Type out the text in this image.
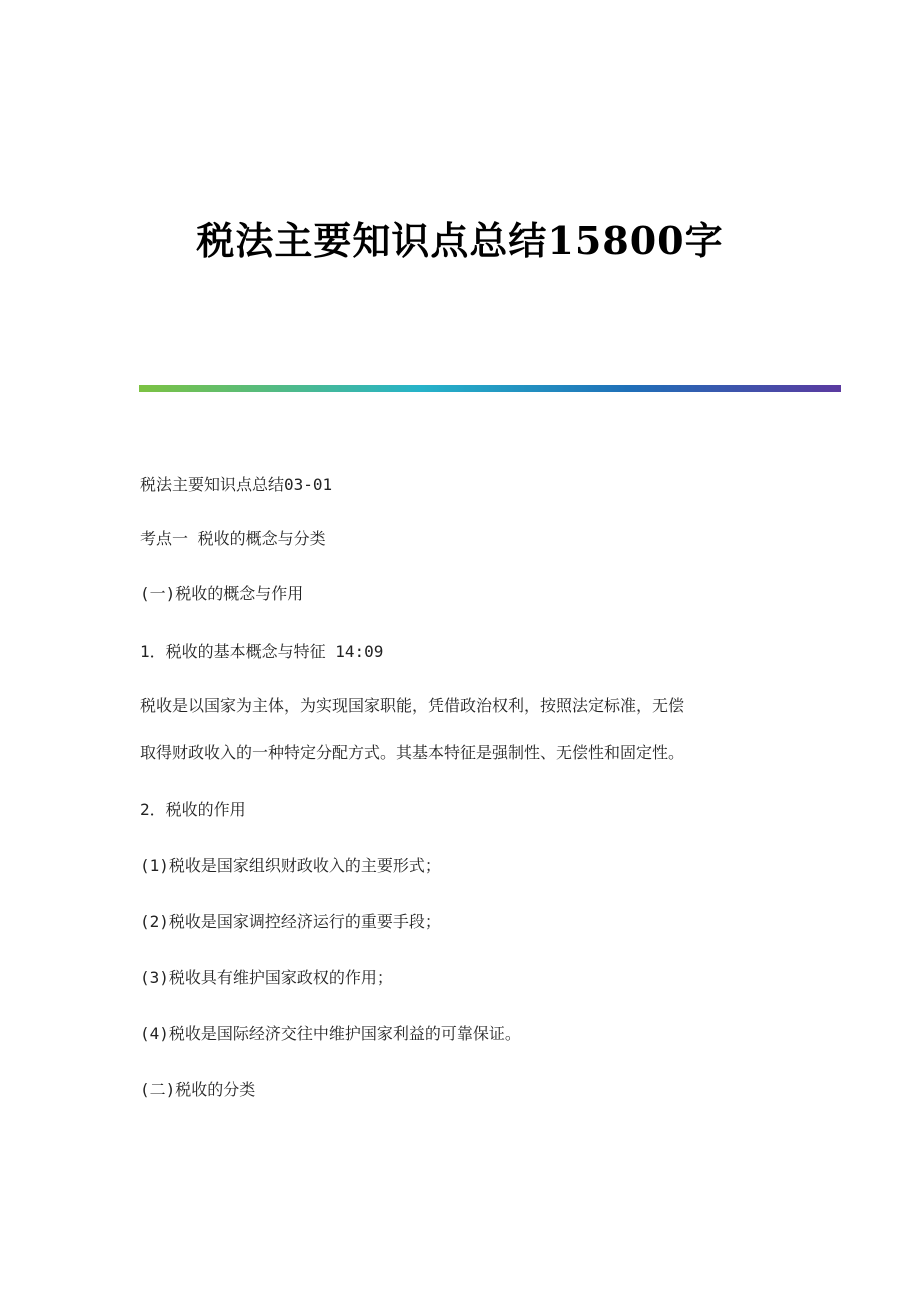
税法主要知识点总结15800字

税法主要知识点总结03-01

考点一 税收的概念与分类

(一)税收的概念与作用

1．税收的基本概念与特征 14:09

税收是以国家为主体，为实现国家职能，凭借政治权利，按照法定标准，无偿

取得财政收入的一种特定分配方式。其基本特征是强制性、无偿性和固定性。

2．税收的作用

(1)税收是国家组织财政收入的主要形式；

(2)税收是国家调控经济运行的重要手段；

(3)税收具有维护国家政权的作用；

(4)税收是国际经济交往中维护国家利益的可靠保证。

(二)税收的分类
